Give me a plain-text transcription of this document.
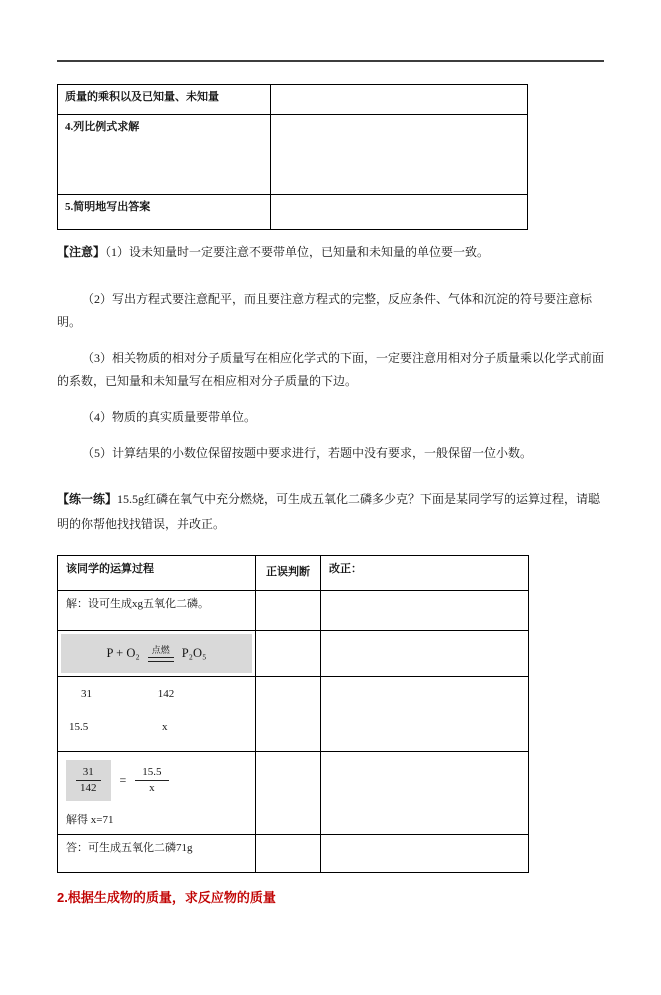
质量的乘积以及已知量、未知量	
4.列比例式求解	
5.简明地写出答案	

【注意】（1）设未知量时一定要注意不要带单位，已知量和未知量的单位要一致。

（2）写出方程式要注意配平，而且要注意方程式的完整，反应条件、气体和沉淀的符号要注意标明。

（3）相关物质的相对分子质量写在相应化学式的下面，一定要注意用相对分子质量乘以化学式前面的系数，已知量和未知量写在相应相对分子质量的下边。

（4）物质的真实质量要带单位。

（5）计算结果的小数位保留按题中要求进行，若题中没有要求，一般保留一位小数。

【练一练】15.5g红磷在氧气中充分燃烧，可生成五氧化二磷多少克？下面是某同学写的运算过程，请聪明的你帮他找找错误，并改正。

该同学的运算过程	正误判断	改正：
解：设可生成xg五氧化二磷。		

P + O₂ 点燃 P₂O₅		

31 142
15.5 x		

$\frac{31}{142} = \frac{15.5}{x}$
解得 x=71

答：可生成五氧化二磷71g		
2.根据生成物的质量，求反应物的质量
